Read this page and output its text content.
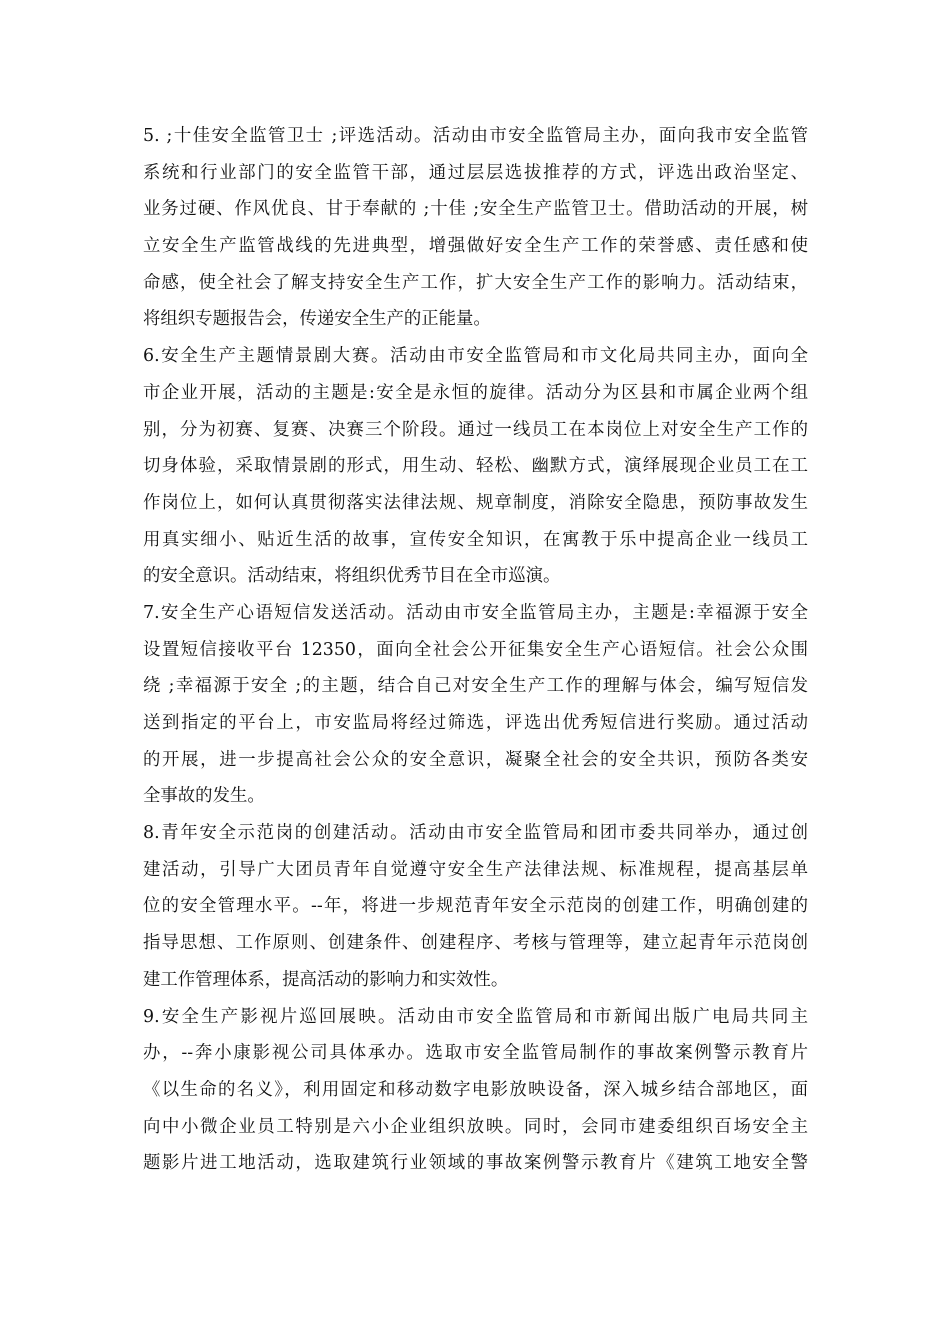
5. ;十佳安全监管卫士 ;评选活动。活动由市安全监管局主办，面向我市安全监管
系统和行业部门的安全监管干部，通过层层选拔推荐的方式，评选出政治坚定、
业务过硬、作风优良、甘于奉献的 ;十佳 ;安全生产监管卫士。借助活动的开展，树
立安全生产监管战线的先进典型，增强做好安全生产工作的荣誉感、责任感和使
命感，使全社会了解支持安全生产工作，扩大安全生产工作的影响力。活动结束，
将组织专题报告会，传递安全生产的正能量。
6.安全生产主题情景剧大赛。活动由市安全监管局和市文化局共同主办，面向全
市企业开展，活动的主题是:安全是永恒的旋律。活动分为区县和市属企业两个组
别，分为初赛、复赛、决赛三个阶段。通过一线员工在本岗位上对安全生产工作的
切身体验，采取情景剧的形式，用生动、轻松、幽默方式，演绎展现企业员工在工
作岗位上，如何认真贯彻落实法律法规、规章制度，消除安全隐患，预防事故发生
用真实细小、贴近生活的故事，宣传安全知识，在寓教于乐中提高企业一线员工
的安全意识。活动结束，将组织优秀节目在全市巡演。
7.安全生产心语短信发送活动。活动由市安全监管局主办，主题是:幸福源于安全
设置短信接收平台 12350，面向全社会公开征集安全生产心语短信。社会公众围
绕 ;幸福源于安全 ;的主题，结合自己对安全生产工作的理解与体会，编写短信发
送到指定的平台上，市安监局将经过筛选，评选出优秀短信进行奖励。通过活动
的开展，进一步提高社会公众的安全意识，凝聚全社会的安全共识，预防各类安
全事故的发生。
8.青年安全示范岗的创建活动。活动由市安全监管局和团市委共同举办，通过创
建活动，引导广大团员青年自觉遵守安全生产法律法规、标准规程，提高基层单
位的安全管理水平。--年，将进一步规范青年安全示范岗的创建工作，明确创建的
指导思想、工作原则、创建条件、创建程序、考核与管理等，建立起青年示范岗创
建工作管理体系，提高活动的影响力和实效性。
9.安全生产影视片巡回展映。活动由市安全监管局和市新闻出版广电局共同主
办，--奔小康影视公司具体承办。选取市安全监管局制作的事故案例警示教育片
《以生命的名义》，利用固定和移动数字电影放映设备，深入城乡结合部地区，面
向中小微企业员工特别是六小企业组织放映。同时，会同市建委组织百场安全主
题影片进工地活动，选取建筑行业领域的事故案例警示教育片《建筑工地安全警
